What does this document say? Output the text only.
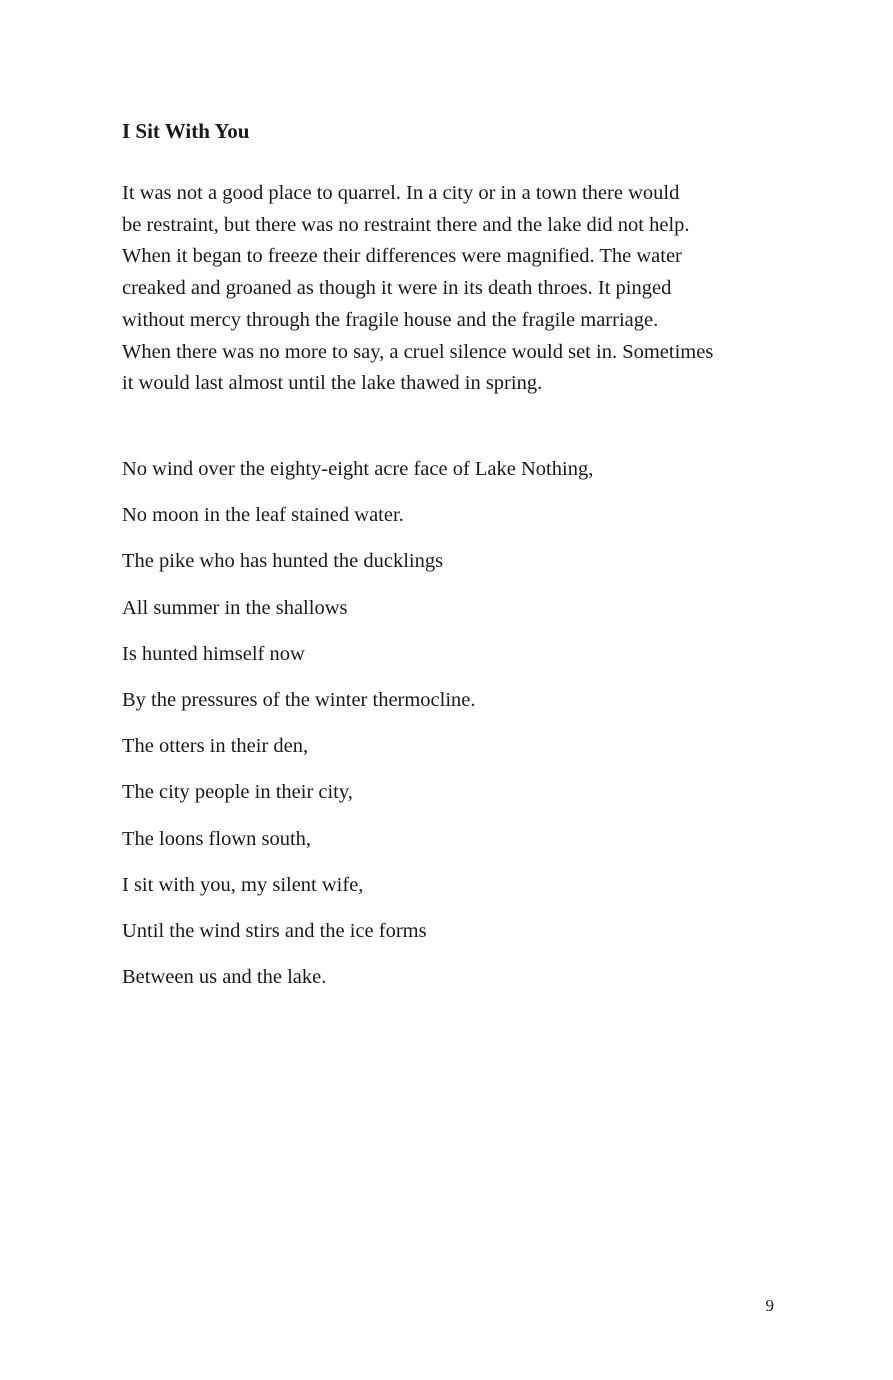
I Sit With You
It was not a good place to quarrel. In a city or in a town there would
be restraint, but there was no restraint there and the lake did not help.
When it began to freeze their differences were magnified. The water
creaked and groaned as though it were in its death throes. It pinged
without mercy through the fragile house and the fragile marriage.
When there was no more to say, a cruel silence would set in. Sometimes
it would last almost until the lake thawed in spring.
No wind over the eighty-eight acre face of Lake Nothing,
No moon in the leaf stained water.
The pike who has hunted the ducklings
All summer in the shallows
Is hunted himself now
By the pressures of the winter thermocline.
The otters in their den,
The city people in their city,
The loons flown south,
I sit with you, my silent wife,
Until the wind stirs and the ice forms
Between us and the lake.
9
